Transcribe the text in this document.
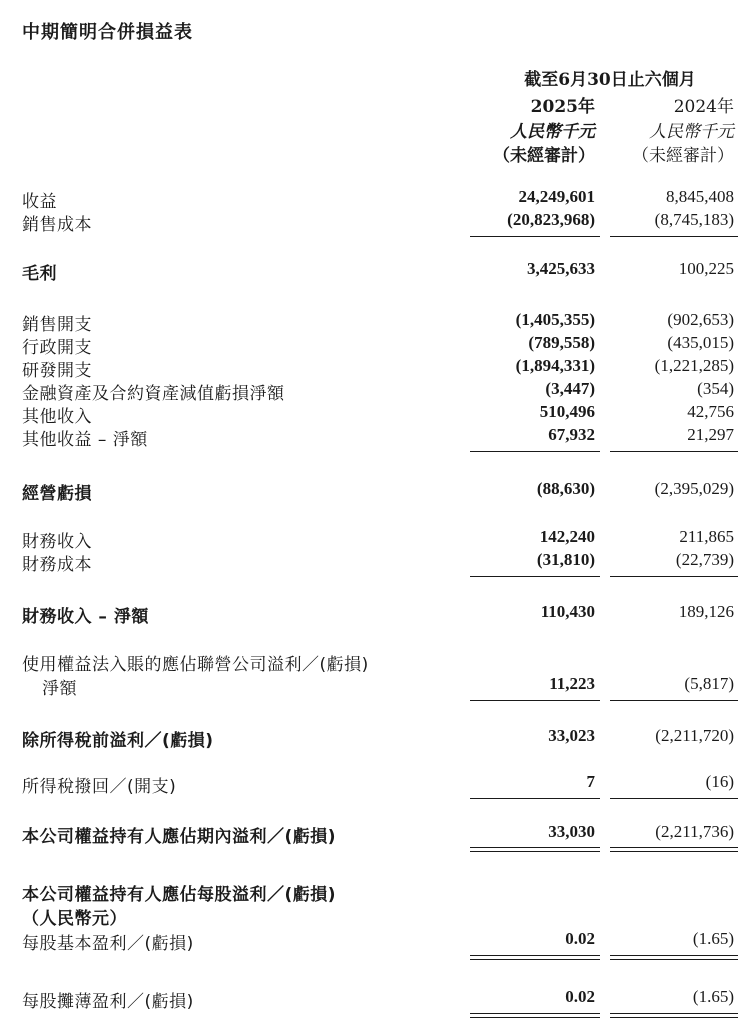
中期簡明合併損益表
截至6月30日止六個月
2025年	2024年
人民幣千元	人民幣千元
（未經審計） （未經審計）
收益	24,249,601	8,845,408
銷售成本	(20,823,968)	(8,745,183)
毛利	3,425,633	100,225
銷售開支	(1,405,355)	(902,653)
行政開支	(789,558)	(435,015)
研發開支	(1,894,331)	(1,221,285)
金融資產及合約資產減值虧損淨額	(3,447)	(354)
其他收入	510,496	42,756
其他收益 – 淨額	67,932	21,297
經營虧損	(88,630)	(2,395,029)
財務收入	142,240	211,865
財務成本	(31,810)	(22,739)
財務收入 – 淨額	110,430	189,126
使用權益法入賬的應佔聯營公司溢利／(虧損)
淨額	11,223	(5,817)
除所得稅前溢利／(虧損)	33,023	(2,211,720)
所得稅撥回／(開支)	7	(16)
本公司權益持有人應佔期內溢利／(虧損)	33,030	(2,211,736)
本公司權益持有人應佔每股溢利／(虧損)
（人民幣元）
每股基本盈利／(虧損)	0.02	(1.65)
每股攤薄盈利／(虧損)	0.02	(1.65)
